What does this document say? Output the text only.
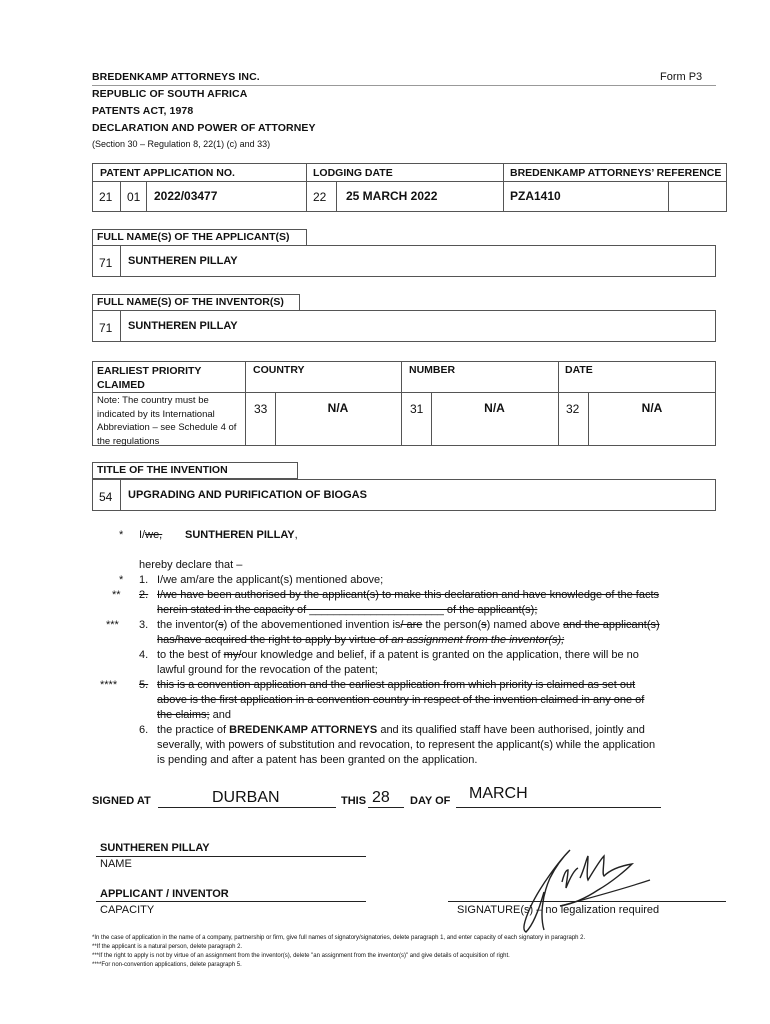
BREDENKAMP ATTORNEYS INC.	Form P3
REPUBLIC OF SOUTH AFRICA
PATENTS ACT, 1978
DECLARATION AND POWER OF ATTORNEY
(Section 30 – Regulation 8, 22(1) (c) and 33)
PATENT APPLICATION NO.	LODGING DATE	BREDENKAMP ATTORNEYS’ REFERENCE
21 01 2022/03477	22 25 MARCH 2022	PZA1410
FULL NAME(S) OF THE APPLICANT(S)
71 SUNTHEREN PILLAY
FULL NAME(S) OF THE INVENTOR(S)
71 SUNTHEREN PILLAY
EARLIEST PRIORITY CLAIMED
COUNTRY	NUMBER	DATE
Note: The country must be indicated by its International Abbreviation – see Schedule 4 of the regulations
33	N/A	31	N/A	32	N/A
TITLE OF THE INVENTION
54 UPGRADING AND PURIFICATION OF BIOGAS
* I/we, SUNTHEREN PILLAY,
hereby declare that –
* 1. I/we am/are the applicant(s) mentioned above;
** 2. I/we have been authorised by the applicant(s) to make this declaration and have knowledge of the facts
herein stated in the capacity of ______________________ of the applicant(s);
*** 3. the inventor(s) of the abovementioned invention is/ are the person(s) named above and the applicant(s)
has/have acquired the right to apply by virtue of an assignment from the inventor(s);
4. to the best of my/our knowledge and belief, if a patent is granted on the application, there will be no
lawful ground for the revocation of the patent;
**** 5. this is a convention application and the earliest application from which priority is claimed as set out
above is the first application in a convention country in respect of the invention claimed in any one of
the claims; and
6. the practice of BREDENKAMP ATTORNEYS and its qualified staff have been authorised, jointly and
severally, with powers of substitution and revocation, to represent the applicant(s) while the application
is pending and after a patent has been granted on the application.
SIGNED AT	DURBAN	THIS 28 DAY OF MARCH
SUNTHEREN PILLAY
NAME
APPLICANT / INVENTOR
CAPACITY	SIGNATURE(s) – no legalization required
*In the case of application in the name of a company, partnership or firm, give full names of signatory/signatories, delete paragraph 1, and enter capacity of each signatory in paragraph 2.
**If the applicant is a natural person, delete paragraph 2.
***If the right to apply is not by virtue of an assignment from the inventor(s), delete "an assignment from the inventor(s)" and give details of acquisition of right.
****For non-convention applications, delete paragraph 5.
